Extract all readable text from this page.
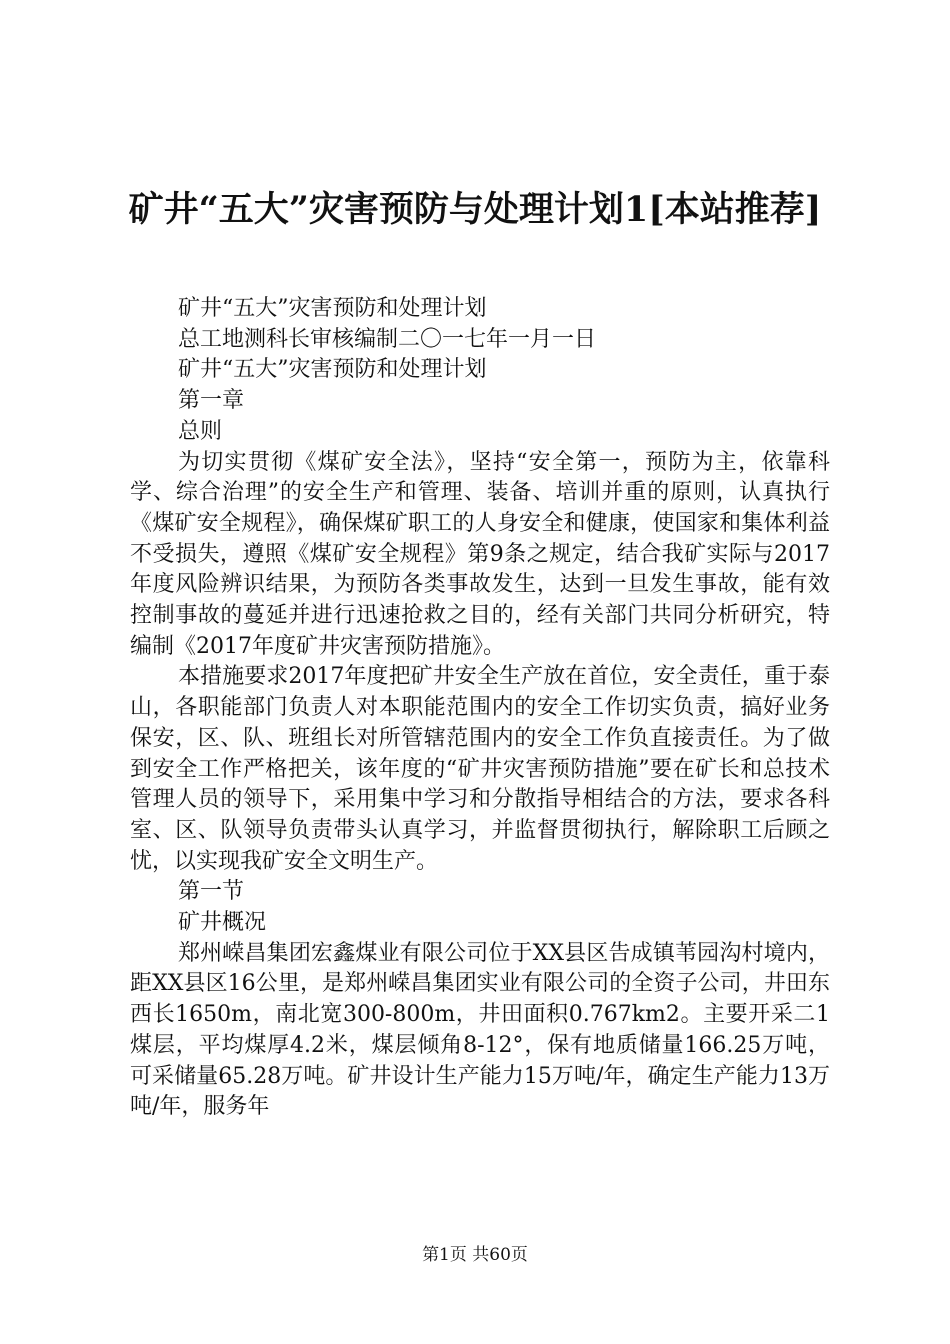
矿井“五大”灾害预防与处理计划1[本站推荐]
矿井“五大”灾害预防和处理计划
总工地测科长审核编制二〇一七年一月一日
矿井“五大”灾害预防和处理计划
第一章
总则

为切实贯彻《煤矿安全法》，坚持“安全第一，预防为主，依靠科学、综合治理”的安全生产和管理、装备、培训并重的原则，认真执行《煤矿安全规程》，确保煤矿职工的人身安全和健康，使国家和集体利益不受损失，遵照《煤矿安全规程》第9条之规定，结合我矿实际与2017年度风险辨识结果，为预防各类事故发生，达到一旦发生事故，能有效控制事故的蔓延并进行迅速抢救之目的，经有关部门共同分析研究，特编制《2017年度矿井灾害预防措施》。

本措施要求2017年度把矿井安全生产放在首位，安全责任，重于泰山，各职能部门负责人对本职能范围内的安全工作切实负责，搞好业务保安，区、队、班组长对所管辖范围内的安全工作负直接责任。为了做到安全工作严格把关，该年度的“矿井灾害预防措施”要在矿长和总技术管理人员的领导下，采用集中学习和分散指导相结合的方法，要求各科室、区、队领导负责带头认真学习，并监督贯彻执行，解除职工后顾之忧，以实现我矿安全文明生产。

第一节
矿井概况

郑州嵘昌集团宏鑫煤业有限公司位于XX县区告成镇苇园沟村境内，距XX县区16公里，是郑州嵘昌集团实业有限公司的全资子公司，井田东西长1650m，南北宽300-800m，井田面积0.767km2。主要开采二1煤层，平均煤厚4.2米，煤层倾角8-12°，保有地质储量166.25万吨，可采储量65.28万吨。矿井设计生产能力15万吨/年，确定生产能力13万吨/年，服务年

第1页 共60页
